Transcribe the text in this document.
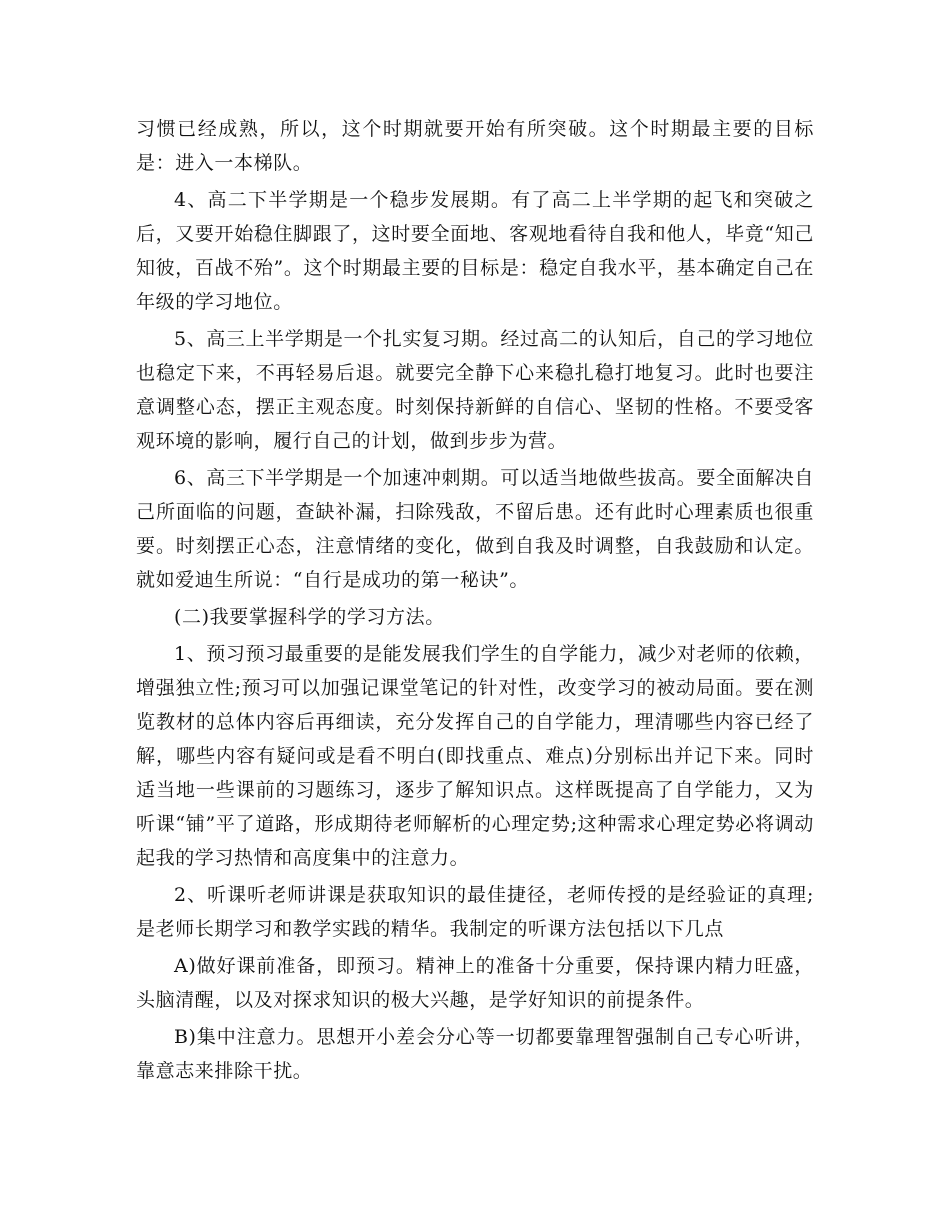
习惯已经成熟，所以，这个时期就要开始有所突破。这个时期最主要的目标是：进入一本梯队。

4、高二下半学期是一个稳步发展期。有了高二上半学期的起飞和突破之后，又要开始稳住脚跟了，这时要全面地、客观地看待自我和他人，毕竟“知己知彼，百战不殆”。这个时期最主要的目标是：稳定自我水平，基本确定自己在年级的学习地位。

5、高三上半学期是一个扎实复习期。经过高二的认知后，自己的学习地位也稳定下来，不再轻易后退。就要完全静下心来稳扎稳打地复习。此时也要注意调整心态，摆正主观态度。时刻保持新鲜的自信心、坚韧的性格。不要受客观环境的影响，履行自己的计划，做到步步为营。

6、高三下半学期是一个加速冲刺期。可以适当地做些拔高。要全面解决自己所面临的问题，查缺补漏，扫除残敌，不留后患。还有此时心理素质也很重要。时刻摆正心态，注意情绪的变化，做到自我及时调整，自我鼓励和认定。就如爱迪生所说：“自行是成功的第一秘诀”。

(二)我要掌握科学的学习方法。

1、预习预习最重要的是能发展我们学生的自学能力，减少对老师的依赖，增强独立性;预习可以加强记课堂笔记的针对性，改变学习的被动局面。要在测览教材的总体内容后再细读，充分发挥自己的自学能力，理清哪些内容已经了解，哪些内容有疑问或是看不明白(即找重点、难点)分别标出并记下来。同时适当地一些课前的习题练习，逐步了解知识点。这样既提高了自学能力，又为听课“铺”平了道路，形成期待老师解析的心理定势;这种需求心理定势必将调动起我的学习热情和高度集中的注意力。

2、听课听老师讲课是获取知识的最佳捷径，老师传授的是经验证的真理;是老师长期学习和教学实践的精华。我制定的听课方法包括以下几点

A)做好课前准备，即预习。精神上的准备十分重要，保持课内精力旺盛，头脑清醒，以及对探求知识的极大兴趣，是学好知识的前提条件。

B)集中注意力。思想开小差会分心等一切都要靠理智强制自己专心听讲，靠意志来排除干扰。
